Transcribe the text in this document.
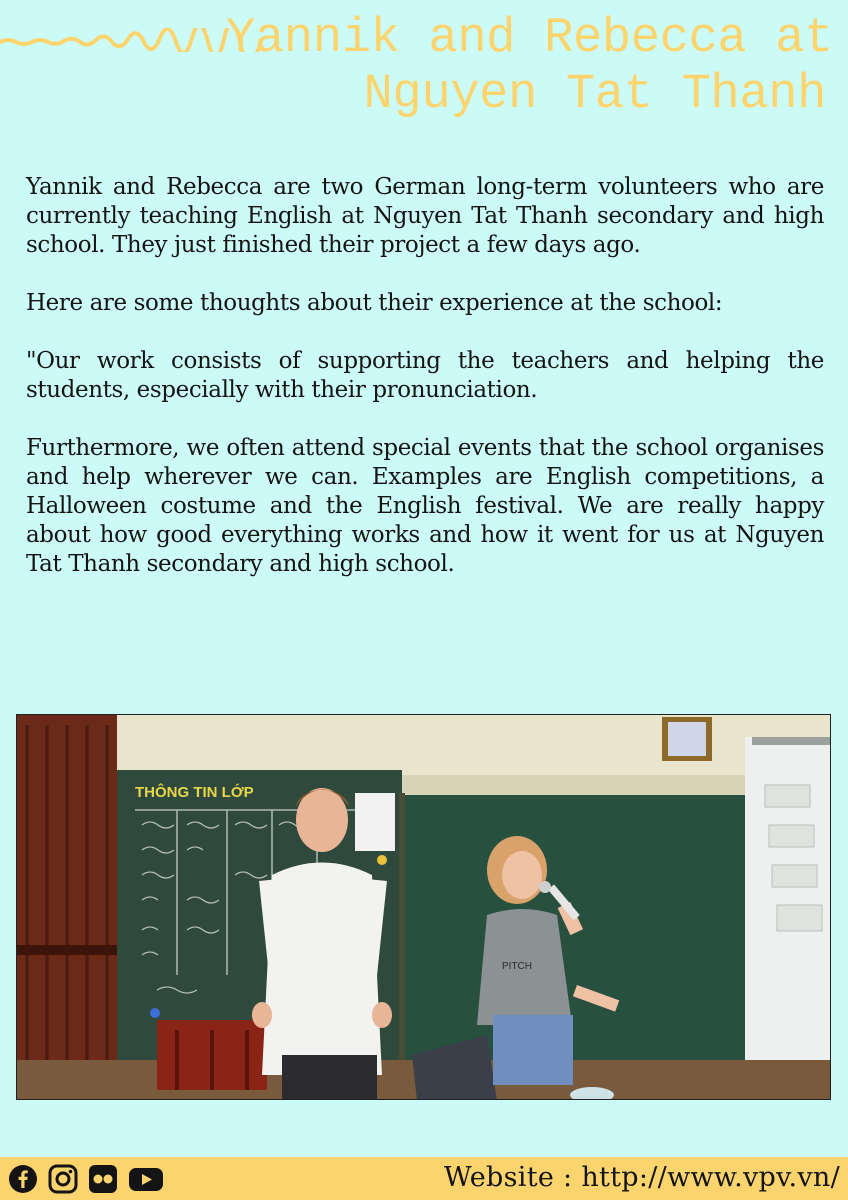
Yannik and Rebecca at
Nguyen Tat Thanh

Yannik and Rebecca are two German long-term volunteers who are currently teaching English at Nguyen Tat Thanh secondary and high school. They just finished their project a few days ago.

Here are some thoughts about their experience at the school:

"Our work consists of supporting the teachers and helping the students, especially with their pronunciation.

Furthermore, we often attend special events that the school organises and help wherever we can. Examples are English competitions, a Halloween costume and the English festival. We are really happy about how good everything works and how it went for us at Nguyen Tat Thanh secondary and high school.

THÔNG TIN LỚP
PITCH
Website : http://www.vpv.vn/
